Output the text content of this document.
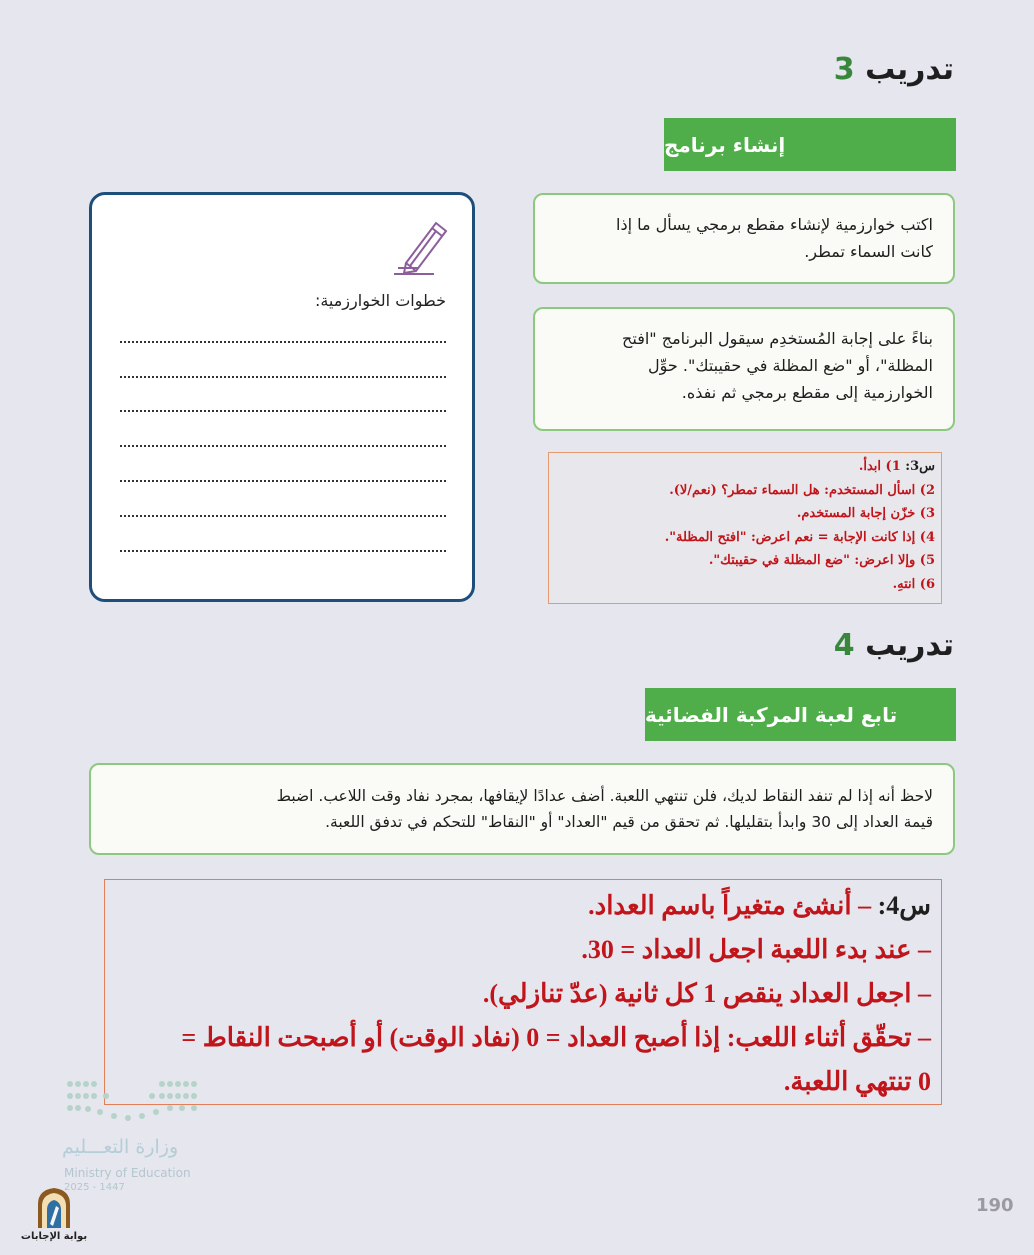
تدريب 3
إنشاء برنامج
اكتب خوارزمية لإنشاء مقطع برمجي يسأل ما إذا
كانت السماء تمطر.
بناءً على إجابة المُستخدِم سيقول البرنامج "افتح
المظلة"، أو "ضع المظلة في حقيبتك". حوِّل
الخوارزمية إلى مقطع برمجي ثم نفذه.
س3: 1) ابدأ.
2) اسأل المستخدم: هل السماء تمطر؟ (نعم/لا).
3) خزّن إجابة المستخدم.
4) إذا كانت الإجابة = نعم اعرض: "افتح المظلة".
5) وإلا اعرض: "ضع المظلة في حقيبتك".
6) انتهِ.
خطوات الخوارزمية:
تدريب 4
تابع لعبة المركبة الفضائية
لاحظ أنه إذا لم تنفد النقاط لديك، فلن تنتهي اللعبة. أضف عدادًا لإيقافها، بمجرد نفاد وقت اللاعب. اضبط
قيمة العداد إلى 30 وابدأ بتقليلها. ثم تحقق من قيم "العداد" أو "النقاط" للتحكم في تدفق اللعبة.
س4: – أنشئ متغيراً باسم العداد.
– عند بدء اللعبة اجعل العداد = 30.
– اجعل العداد ينقص 1 كل ثانية (عدّ تنازلي).
– تحقّق أثناء اللعب: إذا أصبح العداد = 0 (نفاد الوقت) أو أصبحت النقاط =
0 تنتهي اللعبة.
وزارة التعـــليم
Ministry of Education
2025 - 1447
بوابة الإجابات
190
